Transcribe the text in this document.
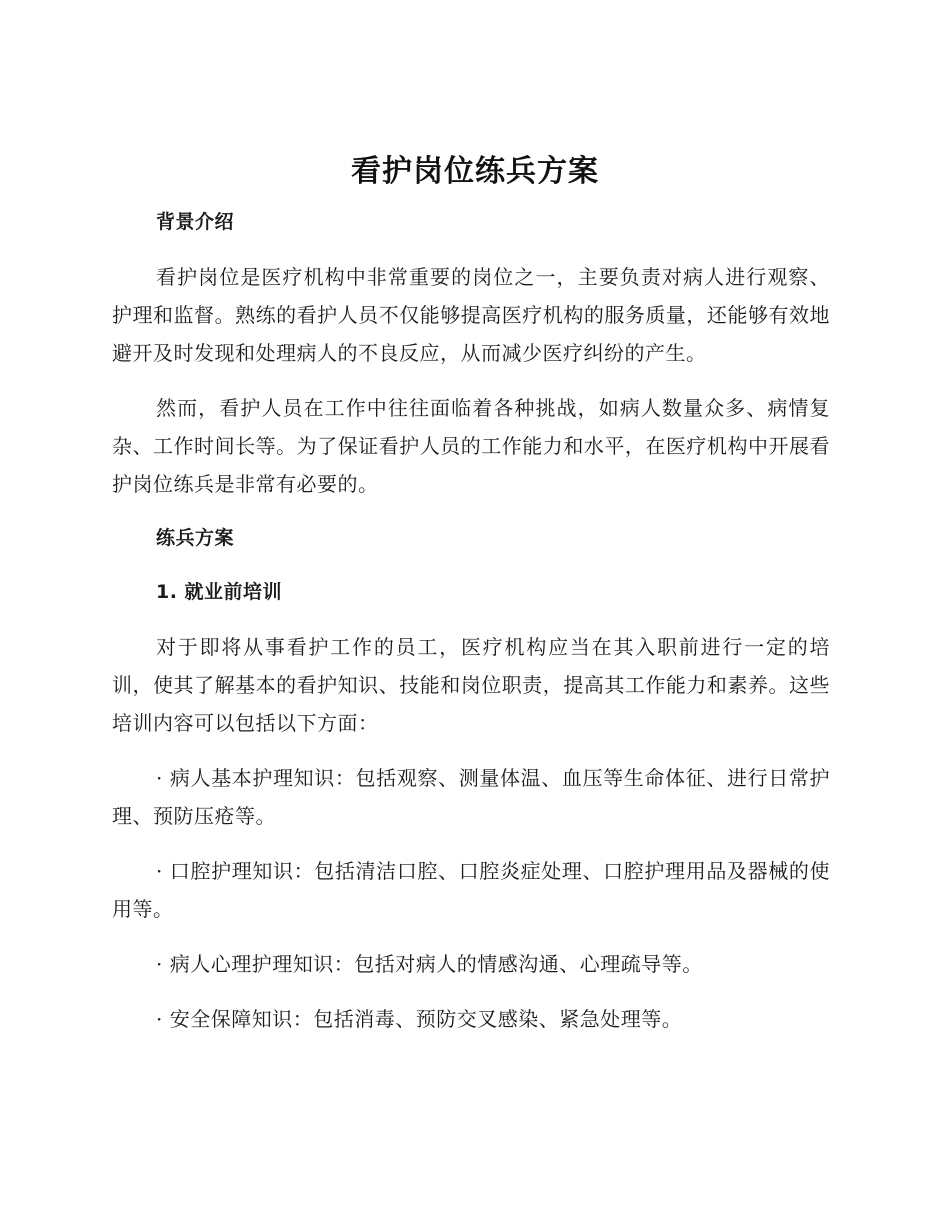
看护岗位练兵方案
背景介绍

看护岗位是医疗机构中非常重要的岗位之一，主要负责对病人进行观察、护理和监督。熟练的看护人员不仅能够提高医疗机构的服务质量，还能够有效地避开及时发现和处理病人的不良反应，从而减少医疗纠纷的产生。

然而，看护人员在工作中往往面临着各种挑战，如病人数量众多、病情复杂、工作时间长等。为了保证看护人员的工作能力和水平，在医疗机构中开展看护岗位练兵是非常有必要的。

练兵方案
1. 就业前培训

对于即将从事看护工作的员工，医疗机构应当在其入职前进行一定的培训，使其了解基本的看护知识、技能和岗位职责，提高其工作能力和素养。这些培训内容可以包括以下方面：

· 病人基本护理知识：包括观察、测量体温、血压等生命体征、进行日常护理、预防压疮等。

· 口腔护理知识：包括清洁口腔、口腔炎症处理、口腔护理用品及器械的使用等。

· 病人心理护理知识：包括对病人的情感沟通、心理疏导等。

· 安全保障知识：包括消毒、预防交叉感染、紧急处理等。
